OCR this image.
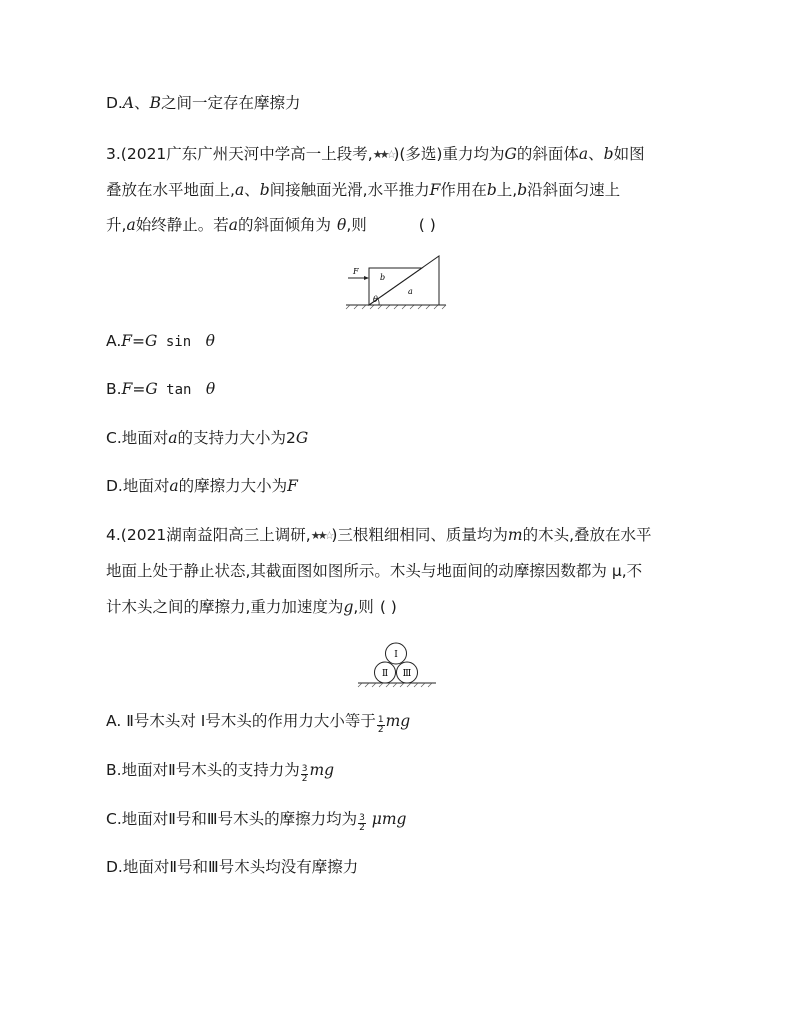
D.A、B之间一定存在摩擦力
3.(2021广东广州天河中学高一上段考,★★☆)(多选)重力均为G的斜面体a、b如图
叠放在水平地面上,a、b间接触面光滑,水平推力F作用在b上,b沿斜面匀速上
升,a始终静止。若a的斜面倾角为 θ,则	( )
F
b
a
θ
A.F=G sin θ
B.F=G tan θ
C.地面对a的支持力大小为2G
D.地面对a的摩擦力大小为F
4.(2021湖南益阳高三上调研,★★☆)三根粗细相同、质量均为m的木头,叠放在水平
地面上处于静止状态,其截面图如图所示。木头与地面间的动摩擦因数都为 μ,不
计木头之间的摩擦力,重力加速度为g,则 ( )
Ⅰ
Ⅱ Ⅲ
A. Ⅱ号木头对 Ⅰ号木头的作用力大小等于 $\frac{1}{2}$ mg
B.地面对Ⅱ号木头的支持力为 $\frac{3}{2}$ mg
C.地面对Ⅱ号和Ⅲ号木头的摩擦力均为 $\frac{3}{2}$ μmg
D.地面对Ⅱ号和Ⅲ号木头均没有摩擦力
